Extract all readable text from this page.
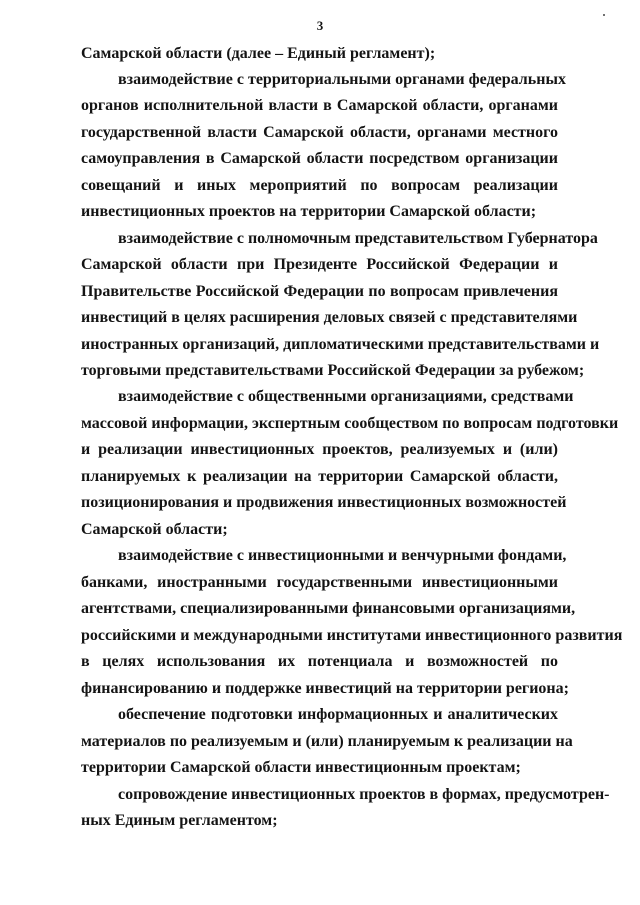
3
Самарской области (далее – Единый регламент);
взаимодействие с территориальными органами федеральных
органов исполнительной власти в Самарской области, органами
государственной власти Самарской области, органами местного
самоуправления в Самарской области посредством организации
совещаний и иных мероприятий по вопросам реализации
инвестиционных проектов на территории Самарской области;
взаимодействие с полномочным представительством Губернатора
Самарской области при Президенте Российской Федерации и
Правительстве Российской Федерации по вопросам привлечения
инвестиций в целях расширения деловых связей с представителями
иностранных организаций, дипломатическими представительствами и
торговыми представительствами Российской Федерации за рубежом;
взаимодействие с общественными организациями, средствами
массовой информации, экспертным сообществом по вопросам подготовки
и реализации инвестиционных проектов, реализуемых и (или)
планируемых к реализации на территории Самарской области,
позиционирования и продвижения инвестиционных возможностей
Самарской области;
взаимодействие с инвестиционными и венчурными фондами,
банками, иностранными государственными инвестиционными
агентствами, специализированными финансовыми организациями,
российскими и международными институтами инвестиционного развития
в целях использования их потенциала и возможностей по
финансированию и поддержке инвестиций на территории региона;
обеспечение подготовки информационных и аналитических
материалов по реализуемым и (или) планируемым к реализации на
территории Самарской области инвестиционным проектам;
сопровождение инвестиционных проектов в формах, предусмотрен-
ных Единым регламентом;
